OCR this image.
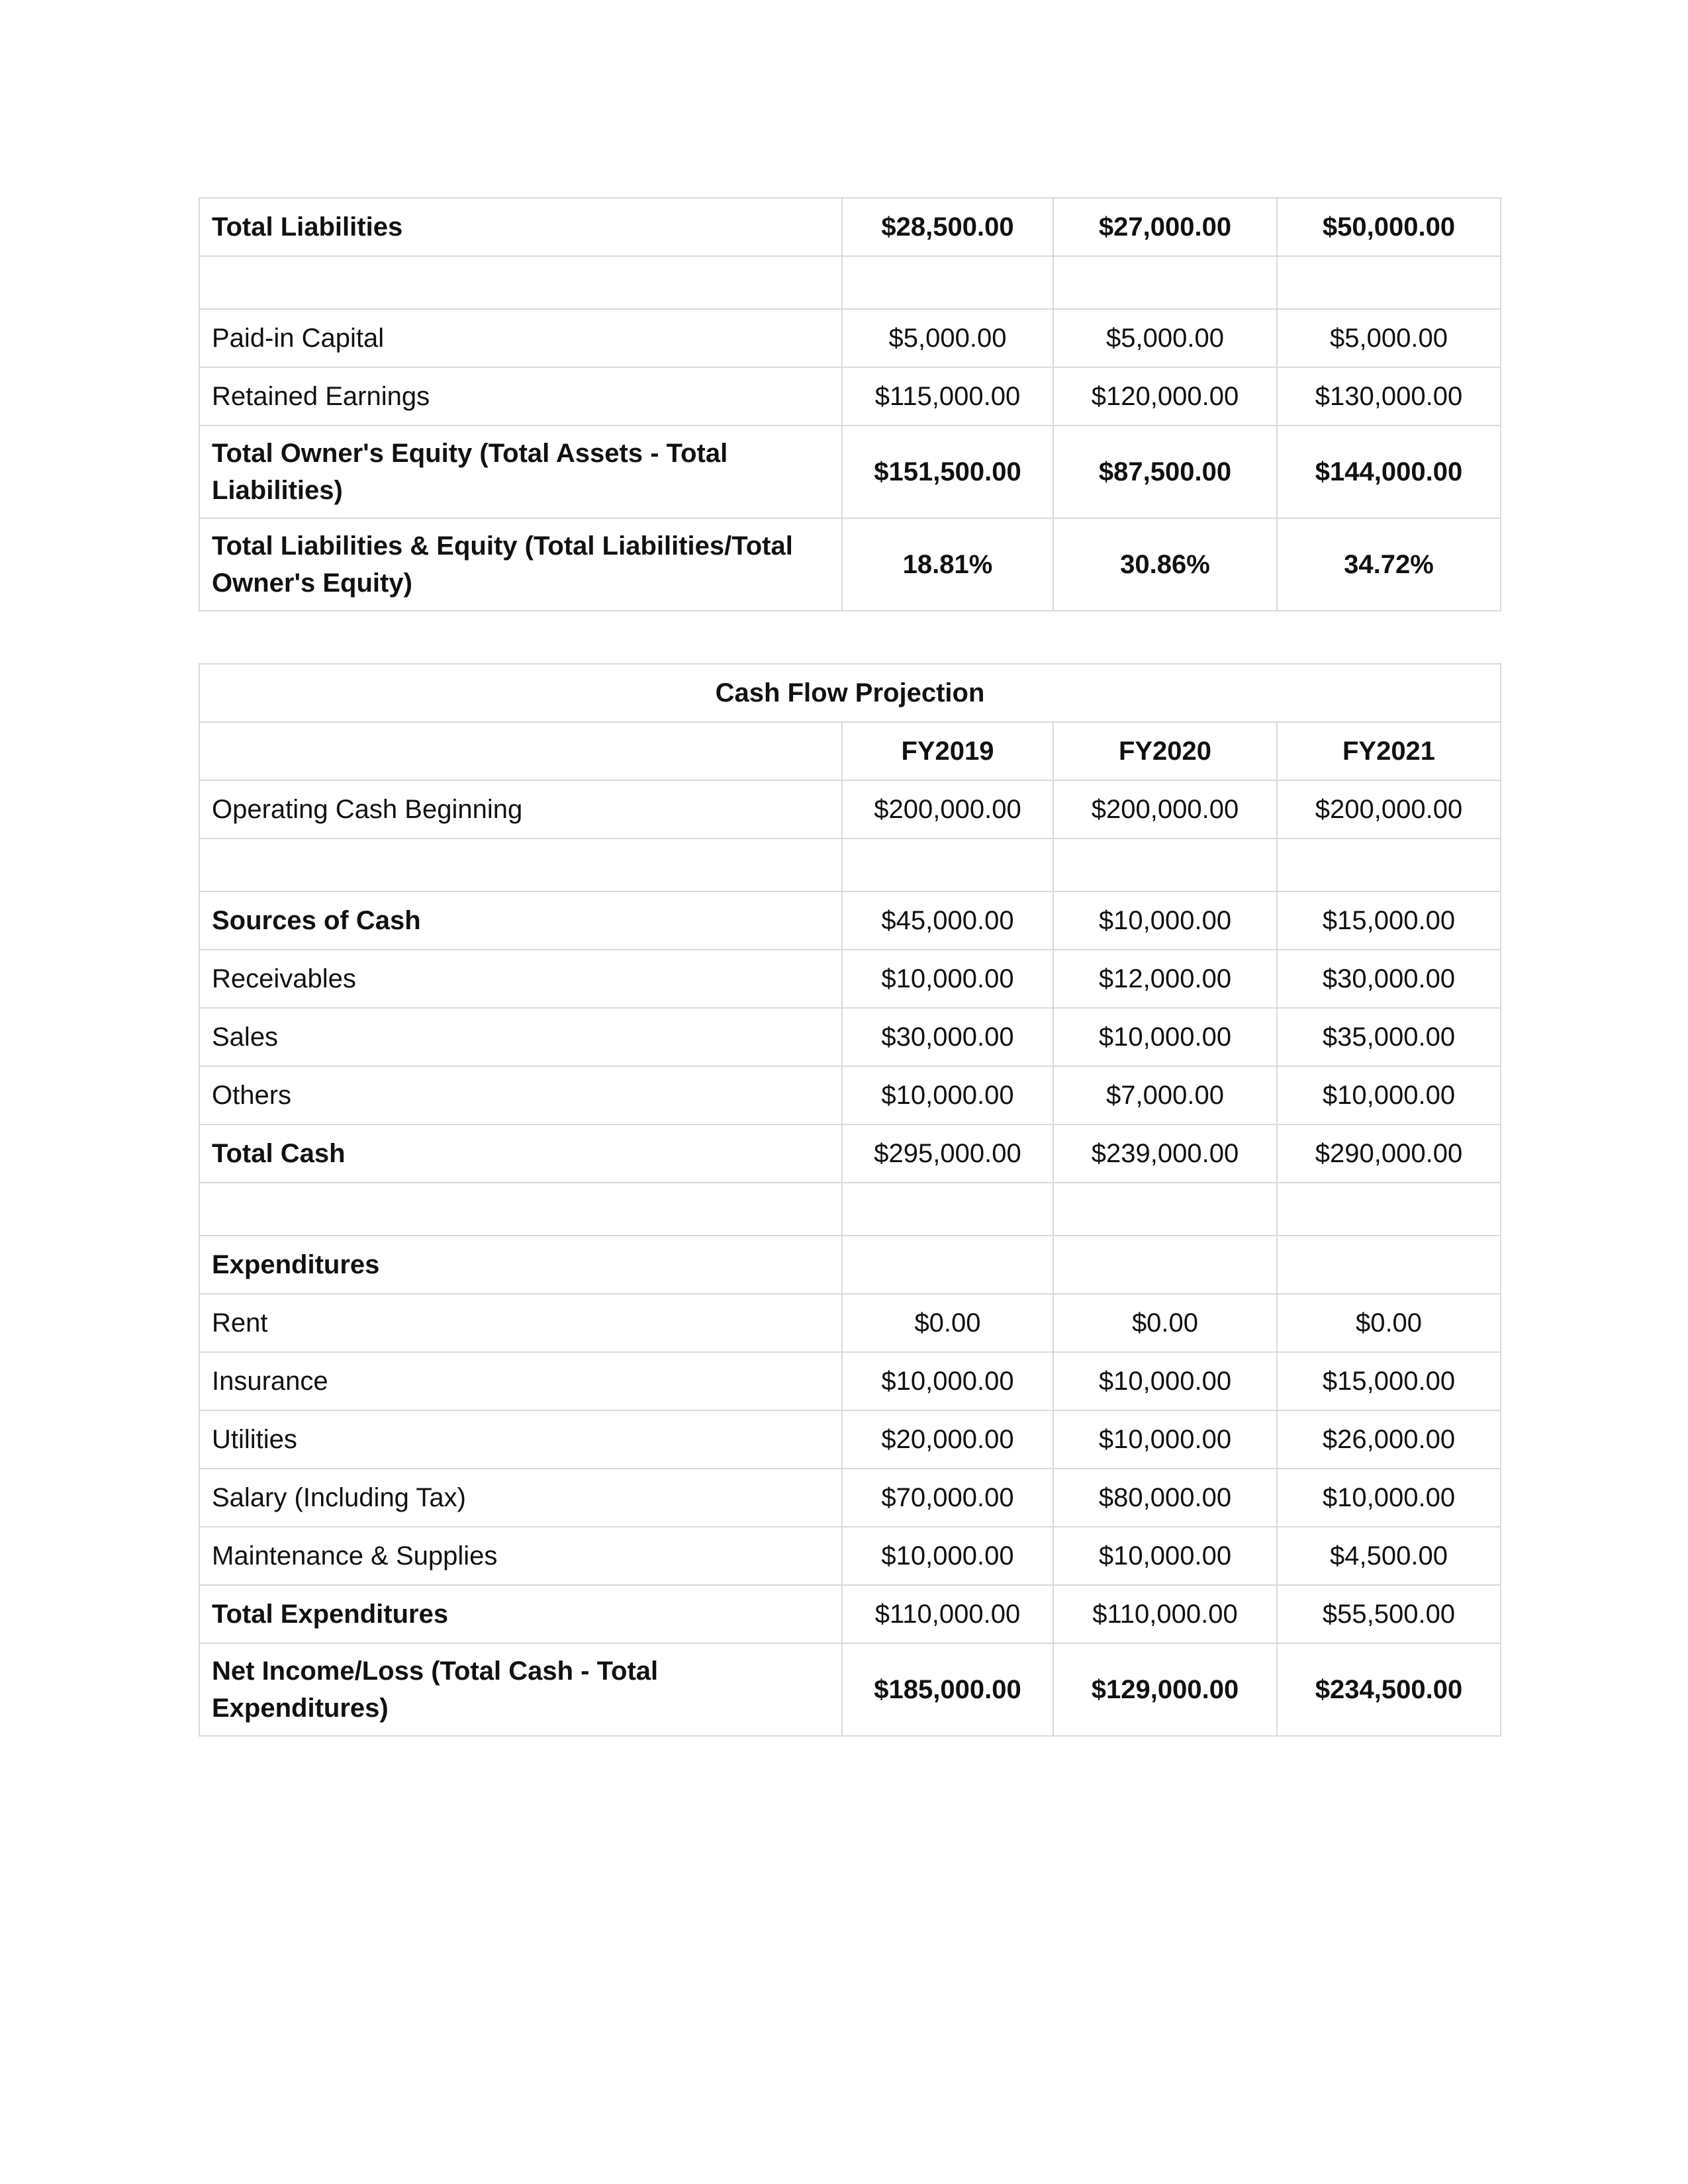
Total Liabilities	$28,500.00	$27,000.00	$50,000.00

Paid-in Capital	$5,000.00	$5,000.00	$5,000.00
Retained Earnings	$115,000.00	$120,000.00	$130,000.00
Total Owner's Equity (Total Assets - Total Liabilities)	$151,500.00	$87,500.00	$144,000.00
Total Liabilities & Equity (Total Liabilities/Total Owner's Equity)	18.81%	30.86%	34.72%
Cash Flow Projection			
	FY2019	FY2020	FY2021
Operating Cash Beginning	$200,000.00	$200,000.00	$200,000.00

Sources of Cash	$45,000.00	$10,000.00	$15,000.00
Receivables	$10,000.00	$12,000.00	$30,000.00
Sales	$30,000.00	$10,000.00	$35,000.00
Others	$10,000.00	$7,000.00	$10,000.00
Total Cash	$295,000.00	$239,000.00	$290,000.00

Expenditures			
Rent	$0.00	$0.00	$0.00
Insurance	$10,000.00	$10,000.00	$15,000.00
Utilities	$20,000.00	$10,000.00	$26,000.00
Salary (Including Tax)	$70,000.00	$80,000.00	$10,000.00
Maintenance & Supplies	$10,000.00	$10,000.00	$4,500.00
Total Expenditures	$110,000.00	$110,000.00	$55,500.00
Net Income/Loss (Total Cash - Total Expenditures)	$185,000.00	$129,000.00	$234,500.00
